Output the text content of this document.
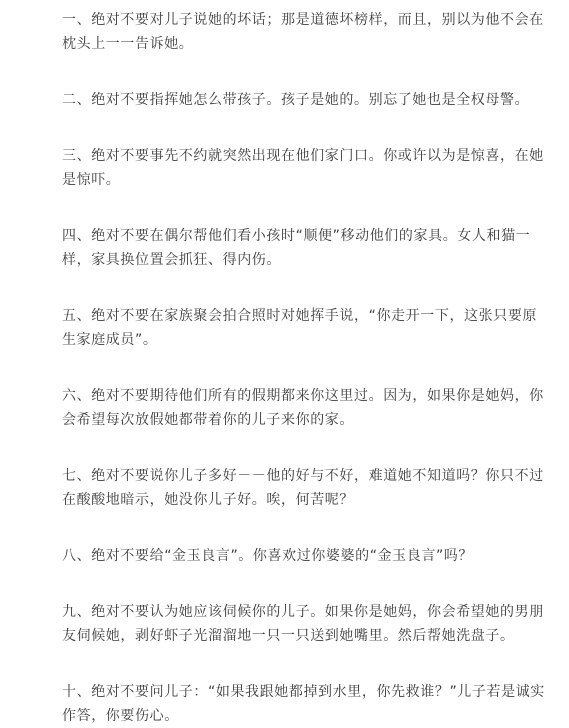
一、绝对不要对儿子说她的坏话；那是道德坏榜样，而且，别以为他不会在枕头上一一告诉她。

二、绝对不要指挥她怎么带孩子。孩子是她的。别忘了她也是全权母警。

三、绝对不要事先不约就突然出现在他们家门口。你或许以为是惊喜，在她是惊吓。

四、绝对不要在偶尔帮他们看小孩时“顺便”移动他们的家具。女人和猫一样，家具换位置会抓狂、得内伤。

五、绝对不要在家族聚会拍合照时对她挥手说，“你走开一下，这张只要原生家庭成员”。

六、绝对不要期待他们所有的假期都来你这里过。因为，如果你是她妈，你会希望每次放假她都带着你的儿子来你的家。

七、绝对不要说你儿子多好－－他的好与不好，难道她不知道吗？你只不过在酸酸地暗示，她没你儿子好。唉，何苦呢？

八、绝对不要给“金玉良言”。你喜欢过你婆婆的“金玉良言”吗？

九、绝对不要认为她应该伺候你的儿子。如果你是她妈，你会希望她的男朋友伺候她，剥好虾子光溜溜地一只一只送到她嘴里。然后帮她洗盘子。

十、绝对不要问儿子：“如果我跟她都掉到水里，你先救谁？”儿子若是诚实作答，你要伤心。
